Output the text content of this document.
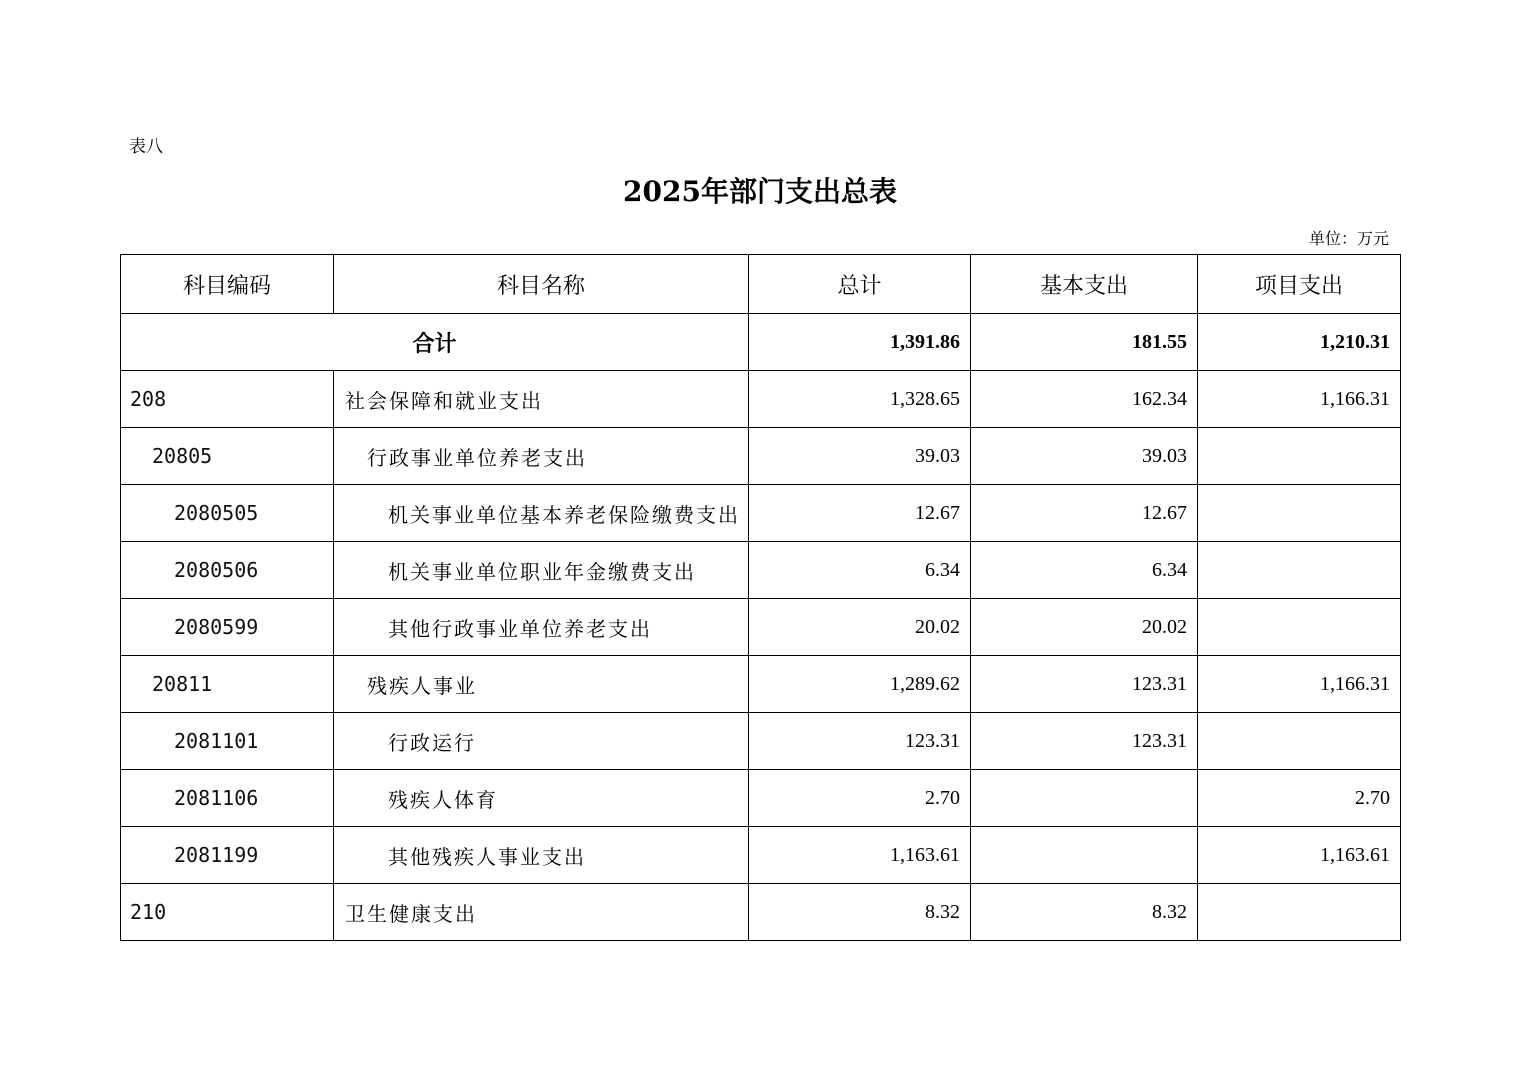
表八
2025年部门支出总表
单位：万元
科目编码	科目名称	总计	基本支出	项目支出
合计		1,391.86	181.55	1,210.31
208	社会保障和就业支出	1,328.65	162.34	1,166.31
20805	行政事业单位养老支出	39.03	39.03	
2080505	机关事业单位基本养老保险缴费支出	12.67	12.67	
2080506	机关事业单位职业年金缴费支出	6.34	6.34	
2080599	其他行政事业单位养老支出	20.02	20.02	
20811	残疾人事业	1,289.62	123.31	1,166.31
2081101	行政运行	123.31	123.31	
2081106	残疾人体育	2.70		2.70
2081199	其他残疾人事业支出	1,163.61		1,163.61
210	卫生健康支出	8.32	8.32	
